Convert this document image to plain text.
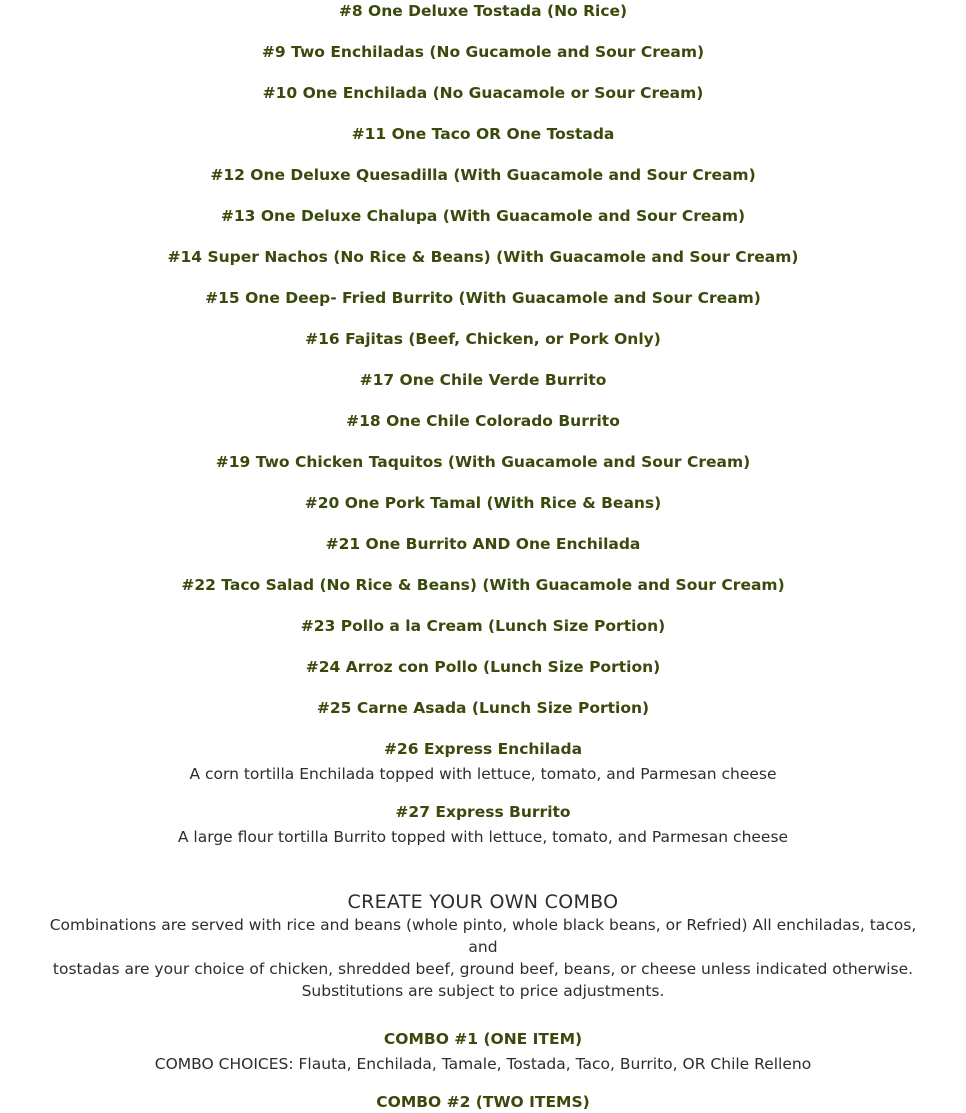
#8 One Deluxe Tostada (No Rice)
#9 Two Enchiladas (No Gucamole and Sour Cream)
#10 One Enchilada (No Guacamole or Sour Cream)
#11 One Taco OR One Tostada
#12 One Deluxe Quesadilla (With Guacamole and Sour Cream)
#13 One Deluxe Chalupa (With Guacamole and Sour Cream)
#14 Super Nachos (No Rice & Beans) (With Guacamole and Sour Cream)
#15 One Deep- Fried Burrito (With Guacamole and Sour Cream)
#16 Fajitas (Beef, Chicken, or Pork Only)
#17 One Chile Verde Burrito
#18 One Chile Colorado Burrito
#19 Two Chicken Taquitos (With Guacamole and Sour Cream)
#20 One Pork Tamal (With Rice & Beans)
#21 One Burrito AND One Enchilada
#22 Taco Salad (No Rice & Beans) (With Guacamole and Sour Cream)
#23 Pollo a la Cream (Lunch Size Portion)
#24 Arroz con Pollo (Lunch Size Portion)
#25 Carne Asada (Lunch Size Portion)
#26 Express Enchilada
A corn tortilla Enchilada topped with lettuce, tomato, and Parmesan cheese
#27 Express Burrito
A large flour tortilla Burrito topped with lettuce, tomato, and Parmesan cheese
CREATE YOUR OWN COMBO
Combinations are served with rice and beans (whole pinto, whole black beans, or Refried) All enchiladas, tacos, and
tostadas are your choice of chicken, shredded beef, ground beef, beans, or cheese unless indicated otherwise.
Substitutions are subject to price adjustments.
COMBO #1 (ONE ITEM)
COMBO CHOICES: Flauta, Enchilada, Tamale, Tostada, Taco, Burrito, OR Chile Relleno
COMBO #2 (TWO ITEMS)
